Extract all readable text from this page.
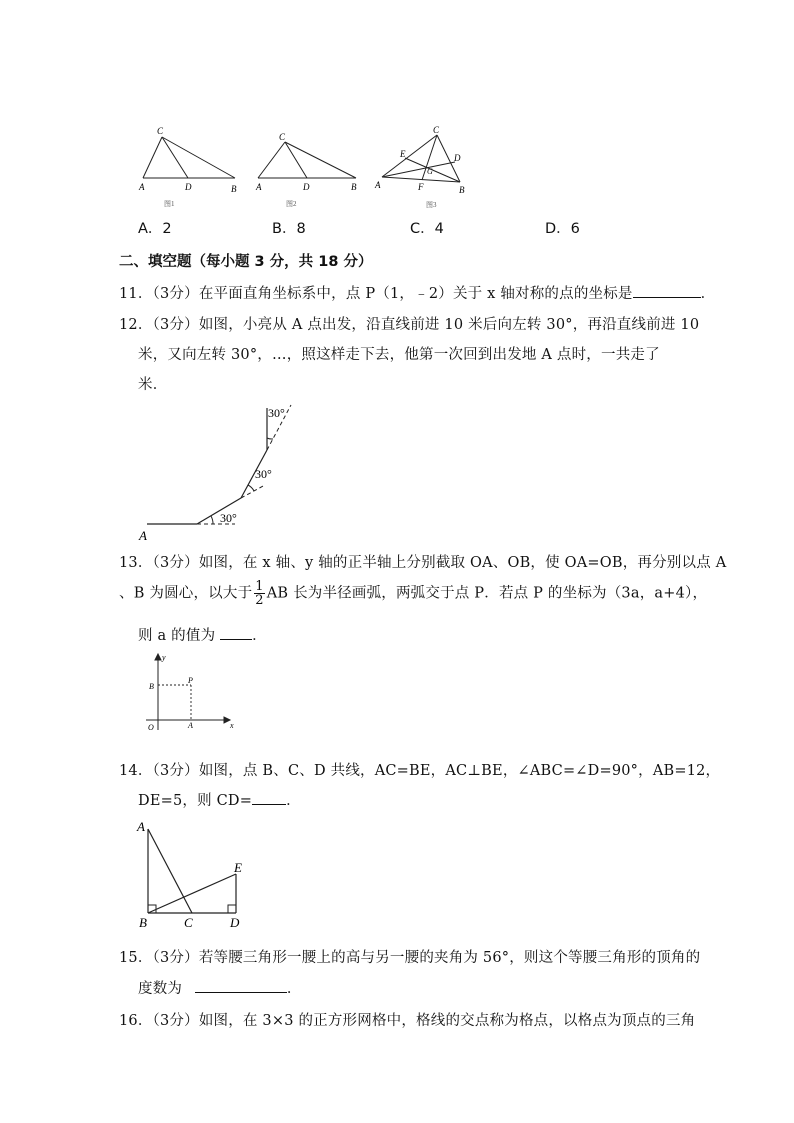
C
A	D	B
图1
C
A	D	B
图2
C
E	D
G
A	F	B
图3
A．2	B．8	C．4	D．6
二、填空题（每小题 3 分，共 18 分）
11．（3分）在平面直角坐标系中，点 P（1，﹣2）关于 x 轴对称的点的坐标是	．
12．（3分）如图，小亮从 A 点出发，沿直线前进 10 米后向左转 30°，再沿直线前进 10
米，又向左转 30°，…，照这样走下去，他第一次回到出发地 A 点时，一共走了
米．
30°
30°
30°
A
13．（3分）如图，在 x 轴、y 轴的正半轴上分别截取 OA、OB，使 OA=OB，再分别以点 A
、B 为圆心，以大于 $\frac{1}{2}$ AB 长为半径画弧，两弧交于点 P．若点 P 的坐标为（3a，a+4），
则 a 的值为	．
y
x
B
P
O	A
14．（3分）如图，点 B、C、D 共线，AC=BE，AC⊥BE，∠ABC=∠D=90°，AB=12，
DE=5，则 CD= ．
A
E
B	C	D
15．（3分）若等腰三角形一腰上的高与另一腰的夹角为 56°，则这个等腰三角形的顶角的
度数为	．
16．（3分）如图，在 3×3 的正方形网格中，格线的交点称为格点，以格点为顶点的三角
